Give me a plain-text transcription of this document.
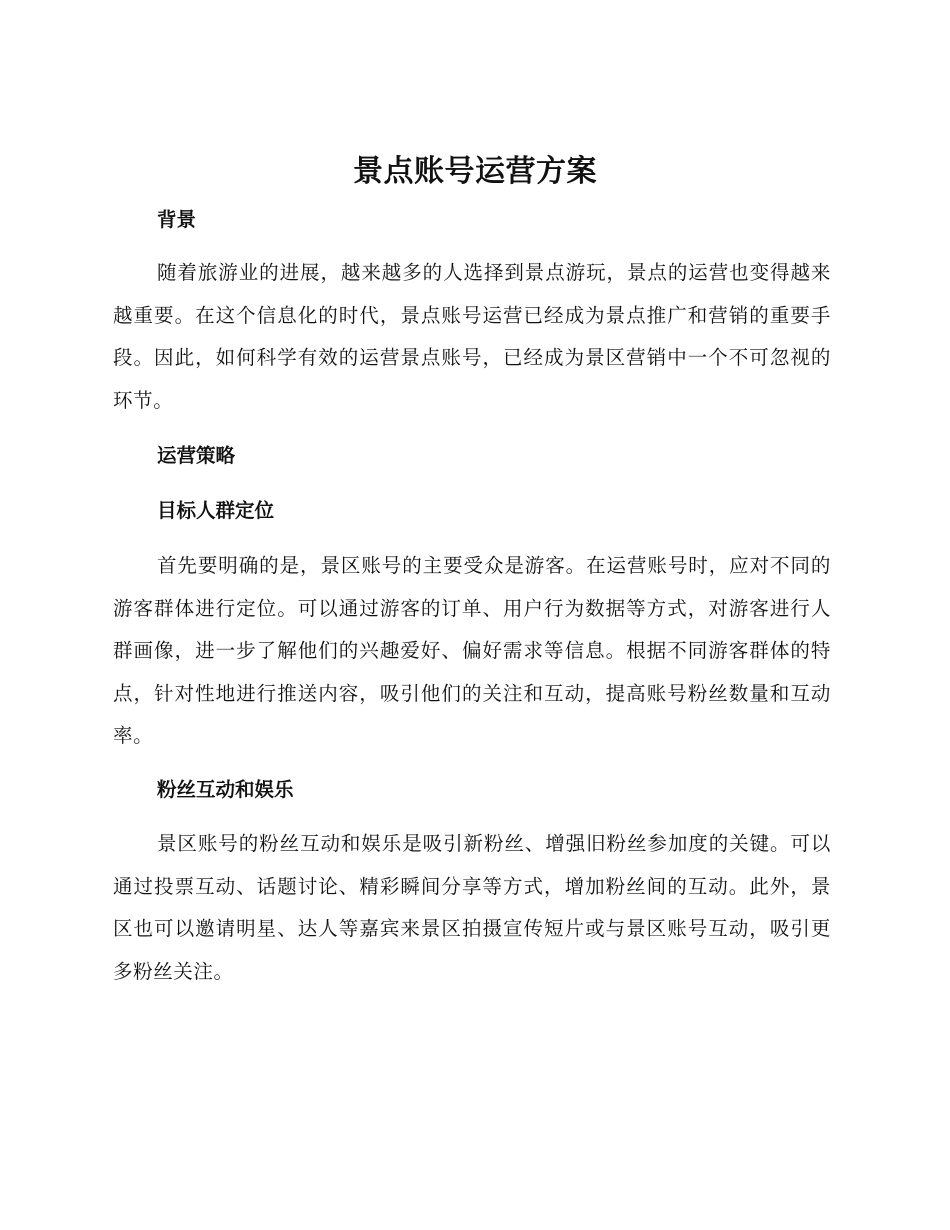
景点账号运营方案
背景
随着旅游业的进展，越来越多的人选择到景点游玩，景点的运营也变得越来越重要。在这个信息化的时代，景点账号运营已经成为景点推广和营销的重要手段。因此，如何科学有效的运营景点账号，已经成为景区营销中一个不可忽视的环节。
运营策略
目标人群定位
首先要明确的是，景区账号的主要受众是游客。在运营账号时，应对不同的游客群体进行定位。可以通过游客的订单、用户行为数据等方式，对游客进行人群画像，进一步了解他们的兴趣爱好、偏好需求等信息。根据不同游客群体的特点，针对性地进行推送内容，吸引他们的关注和互动，提高账号粉丝数量和互动率。
粉丝互动和娱乐
景区账号的粉丝互动和娱乐是吸引新粉丝、增强旧粉丝参加度的关键。可以通过投票互动、话题讨论、精彩瞬间分享等方式，增加粉丝间的互动。此外，景区也可以邀请明星、达人等嘉宾来景区拍摄宣传短片或与景区账号互动，吸引更多粉丝关注。
